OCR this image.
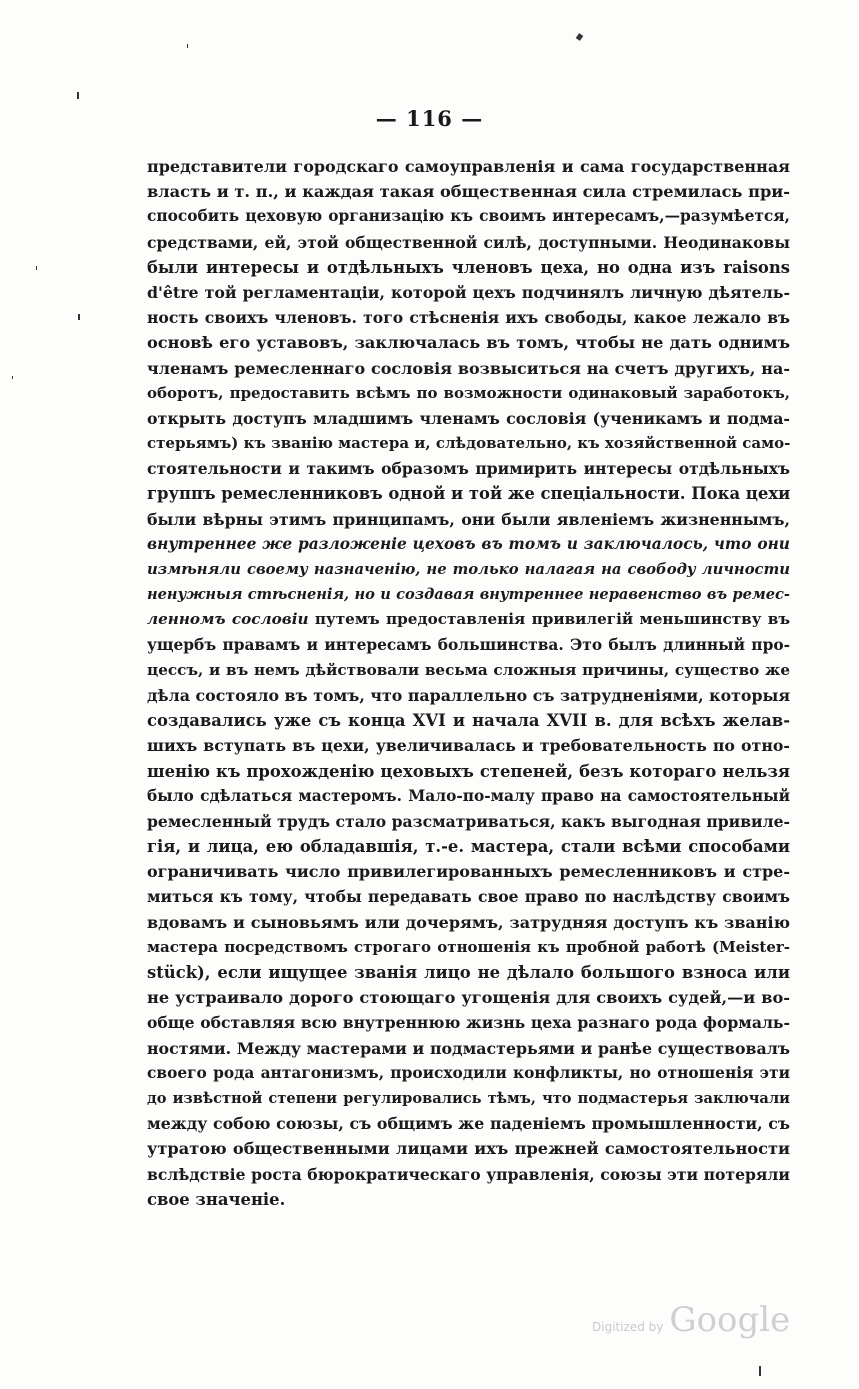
— 116 —
представители городскаго самоуправленія и сама государственная
власть и т. п., и каждая такая общественная сила стремилась при-
способить цеховую организацію къ своимъ интересамъ,—разумѣется,
средствами, ей, этой общественной силѣ, доступными. Неодинаковы
были интересы и отдѣльныхъ членовъ цеха, но одна изъ raisons
d'être той регламентаціи, которой цехъ подчинялъ личную дѣятель-
ность своихъ членовъ. того стѣсненія ихъ свободы, какое лежало въ
основѣ его уставовъ, заключалась въ томъ, чтобы не дать однимъ
членамъ ремесленнаго сословія возвыситься на счетъ другихъ, на-
оборотъ, предоставить всѣмъ по возможности одинаковый заработокъ,
открыть доступъ младшимъ членамъ сословія (ученикамъ и подма-
стерьямъ) къ званію мастера и, слѣдовательно, къ хозяйственной само-
стоятельности и такимъ образомъ примирить интересы отдѣльныхъ
группъ ремесленниковъ одной и той же спеціальности. Пока цехи
были вѣрны этимъ принципамъ, они были явленіемъ жизненнымъ,
внутреннее же разложеніе цеховъ въ томъ и заключалось, что они
измѣняли своему назначенію, не только налагая на свободу личности
ненужныя стѣсненія, но и создавая внутреннее неравенство въ ремес-
ленномъ сословіи путемъ предоставленія привилегій меньшинству въ
ущербъ правамъ и интересамъ большинства. Это былъ длинный про-
цессъ, и въ немъ дѣйствовали весьма сложныя причины, существо же
дѣла состояло въ томъ, что параллельно съ затрудненіями, которыя
создавались уже съ конца XVI и начала XVII в. для всѣхъ желав-
шихъ вступать въ цехи, увеличивалась и требовательность по отно-
шенію къ прохожденію цеховыхъ степеней, безъ котораго нельзя
было сдѣлаться мастеромъ. Мало-по-малу право на самостоятельный
ремесленный трудъ стало разсматриваться, какъ выгодная привиле-
гія, и лица, ею обладавшія, т.-е. мастера, стали всѣми способами
ограничивать число привилегированныхъ ремесленниковъ и стре-
миться къ тому, чтобы передавать свое право по наслѣдству своимъ
вдовамъ и сыновьямъ или дочерямъ, затрудняя доступъ къ званію
мастера посредствомъ строгаго отношенія къ пробной работѣ (Meister-
stück), если ищущее званія лицо не дѣлало большого взноса или
не устраивало дорого стоющаго угощенія для своихъ судей,—и во-
обще обставляя всю внутреннюю жизнь цеха разнаго рода формаль-
ностями. Между мастерами и подмастерьями и ранѣе существовалъ
своего рода антагонизмъ, происходили конфликты, но отношенія эти
до извѣстной степени регулировались тѣмъ, что подмастерья заключали
между собою союзы, съ общимъ же паденіемъ промышленности, съ
утратою общественными лицами ихъ прежней самостоятельности
вслѣдствіе роста бюрократическаго управленія, союзы эти потеряли
свое значеніе.
Digitized by Google
